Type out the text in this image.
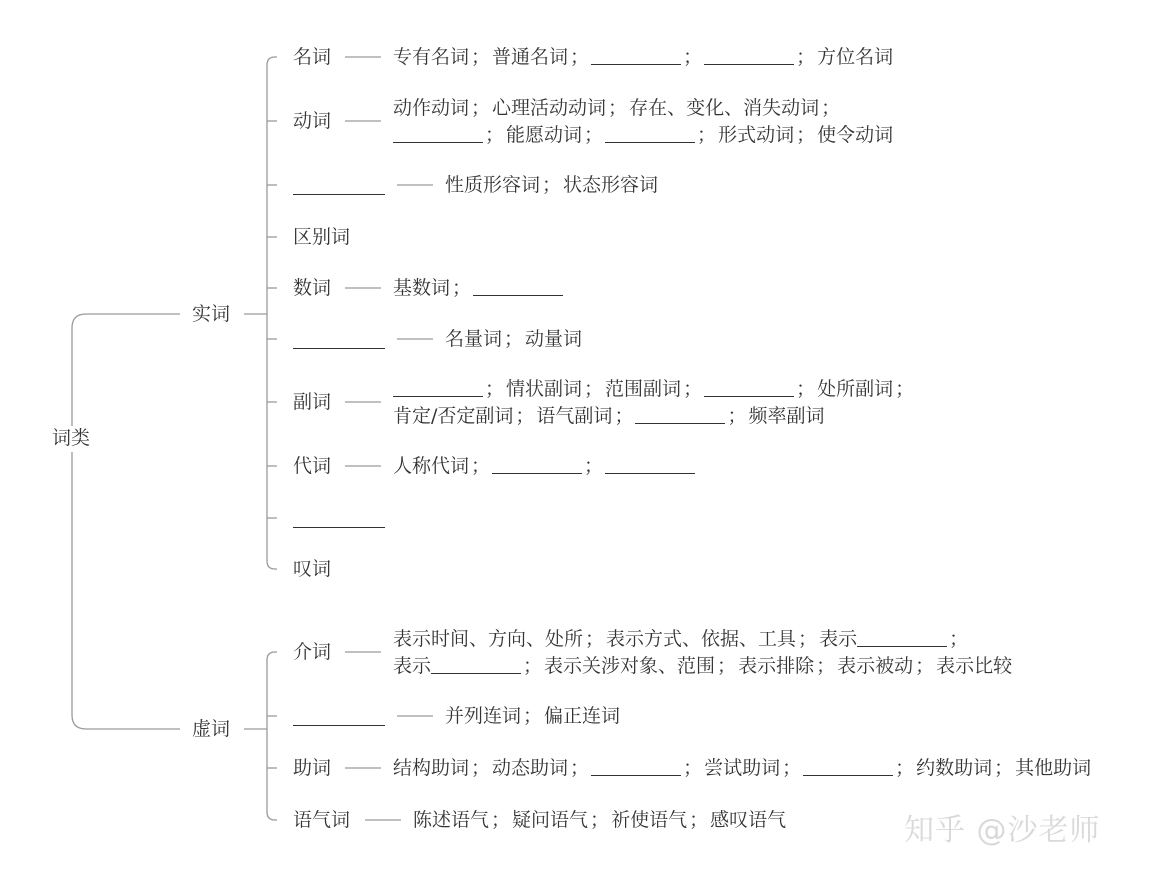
词类
实词
名词	专有名词 ； 普通名词 ；	；	； 方位名词
动词
动作动词 ； 心理活动动词 ； 存在、变化、消失动词 ；
； 能愿动词 ；	； 形式动词 ； 使令动词
性质形容词 ； 状态形容词
区别词
数词	基数词 ；
名量词 ； 动量词
副词
； 情状副词 ； 范围副词 ；	； 处所副词 ；
肯定/否定副词 ； 语气副词 ；	； 频率副词
代词	人称代词 ；	；
叹词
虚词
介词
表示时间、方向、处所 ； 表示方式、依据、工具 ； 表示	；
表示	； 表示关涉对象、范围 ； 表示排除 ； 表示被动 ； 表示比较
并列连词 ； 偏正连词
助词	结构助词 ； 动态助词 ；	； 尝试助词 ；	； 约数助词 ； 其他助词
语气词	陈述语气 ； 疑问语气 ； 祈使语气 ； 感叹语气	知乎 @沙老师
